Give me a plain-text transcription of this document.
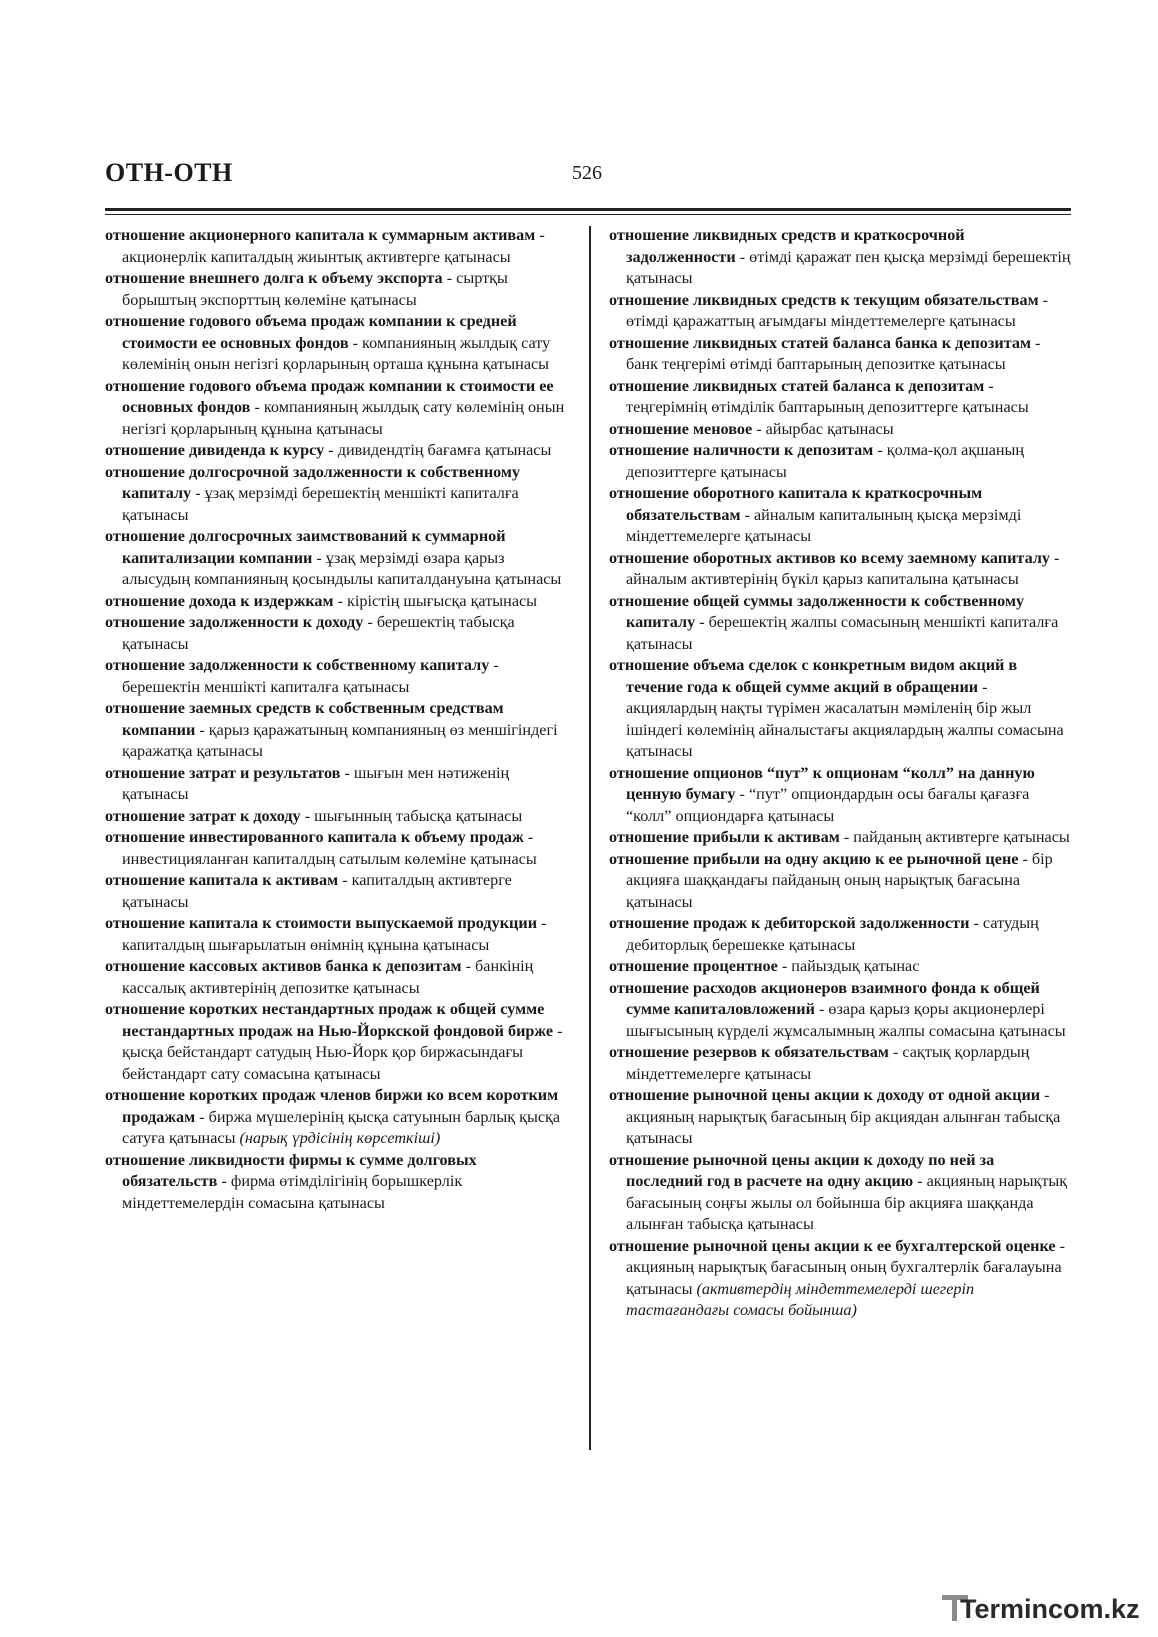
ОТН-ОТН	526

отношение акционерного капитала к суммарным активам - акционерлік капиталдың жиынтық активтерге қатынасы

отношение внешнего долга к объему экспорта - сыртқы борыштың экспорттың көлеміне қатынасы

отношение годового объема продаж компании к средней стоимости ее основных фондов - компанияның жылдық сату көлемінің онын негізгі қорларының орташа құнына қатынасы

отношение годового объема продаж компании к стоимости ее основных фондов - компанияның жылдық сату көлемінің онын негізгі қорларының құнына қатынасы

отношение дивиденда к курсу - дивидендтің бағамға қатынасы

отношение долгосрочной задолженности к собственному капиталу - ұзақ мерзімді берешектің меншікті капиталға қатынасы

отношение долгосрочных заимствований к суммарной капитализации компании - ұзақ мерзімді өзара қарыз алысудың компанияның қосындылы капиталдануына қатынасы

отношение дохода к издержкам - кірістің шығысқа қатынасы

отношение задолженности к доходу - берешектің табысқа қатынасы

отношение задолженности к собственному капиталу - берешектін меншікті капиталға қатынасы

отношение заемных средств к собственным средствам компании - қарыз қаражатының компанияның өз меншігіндегі қаражатқа қатынасы

отношение затрат и результатов - шығын мен нәтиженің қатынасы

отношение затрат к доходу - шығынның табысқа қатынасы

отношение инвестированного капитала к объему продаж - инвестицияланған капиталдың сатылым көлеміне қатынасы

отношение капитала к активам - капиталдың активтерге қатынасы

отношение капитала к стоимости выпускаемой продукции - капиталдың шығарылатын өнімнің құнына қатынасы

отношение кассовых активов банка к депозитам - банкінің кассалық активтерінің депозитке қатынасы

отношение коротких нестандартных продаж к общей сумме нестандартных продаж на Нью-Йоркской фондовой бирже - қысқа бейстандарт сатудың Нью-Йорк қор биржасындағы бейстандарт сату сомасына қатынасы

отношение коротких продаж членов биржи ко всем коротким продажам - биржа мүшелерінің қысқа сатуынын барлық қысқа сатуға қатынасы (нарық үрдісінің көрсеткіші)

отношение ликвидности фирмы к сумме долговых обязательств - фирма өтімділігінің борышкерлік міндеттемелердін сомасына қатынасы

отношение ликвидных средств и краткосрочной задолженности - өтімді қаражат пен қысқа мерзімді берешектің қатынасы

отношение ликвидных средств к текущим обязательствам - өтімді қаражаттың ағымдағы міндеттемелерге қатынасы

отношение ликвидных статей баланса банка к депозитам - банк теңгерімі өтімді баптарының депозитке қатынасы

отношение ликвидных статей баланса к депозитам - теңгерімнің өтімділік баптарының депозиттерге қатынасы

отношение меновое - айырбас қатынасы

отношение наличности к депозитам - қолма-қол ақшаның депозиттерге қатынасы

отношение оборотного капитала к краткосрочным обязательствам - айналым капиталының қысқа мерзімді міндеттемелерге қатынасы

отношение оборотных активов ко всему заемному капиталу - айналым активтерінің бүкіл қарыз капиталына қатынасы

отношение общей суммы задолженности к собственному капиталу - берешектің жалпы сомасының меншікті капиталға қатынасы

отношение объема сделок с конкретным видом акций в течение года к общей сумме акций в обращении - акциялардың нақты түрімен жасалатын мәміленің бір жыл ішіндегі көлемінің айналыстағы акциялардың жалпы сомасына қатынасы

отношение опционов “пут” к опционам “колл” на данную ценную бумагу - “пут” опциондардын осы бағалы қағазға “колл” опциондарға қатынасы

отношение прибыли к активам - пайданың активтерге қатынасы

отношение прибыли на одну акцию к ее рыночной цене - бір акцияға шаққандағы пайданың оның нарықтық бағасына қатынасы

отношение продаж к дебиторской задолженности - сатудың дебиторлық берешекке қатынасы

отношение процентное - пайыздық қатынас

отношение расходов акционеров взаимного фонда к общей сумме капиталовложений - өзара қарыз қоры акционерлері шығысының күрделі жұмсалымның жалпы сомасына қатынасы

отношение резервов к обязательствам - сақтық қорлардың міндеттемелерге қатынасы

отношение рыночной цены акции к доходу от одной акции - акцияның нарықтық бағасының бір акциядан алынған табысқа қатынасы

отношение рыночной цены акции к доходу по ней за последний год в расчете на одну акцию - акцияның нарықтық бағасының соңғы жылы ол бойынша бір акцияға шаққанда алынған табысқа қатынасы

отношение рыночной цены акции к ее бухгалтерской оценке - акцияның нарықтық бағасының оның бухгалтерлік бағалауына қатынасы (активтердің міндеттемелерді шегеріп тастағандағы сомасы бойынша)

Termincom.kz
